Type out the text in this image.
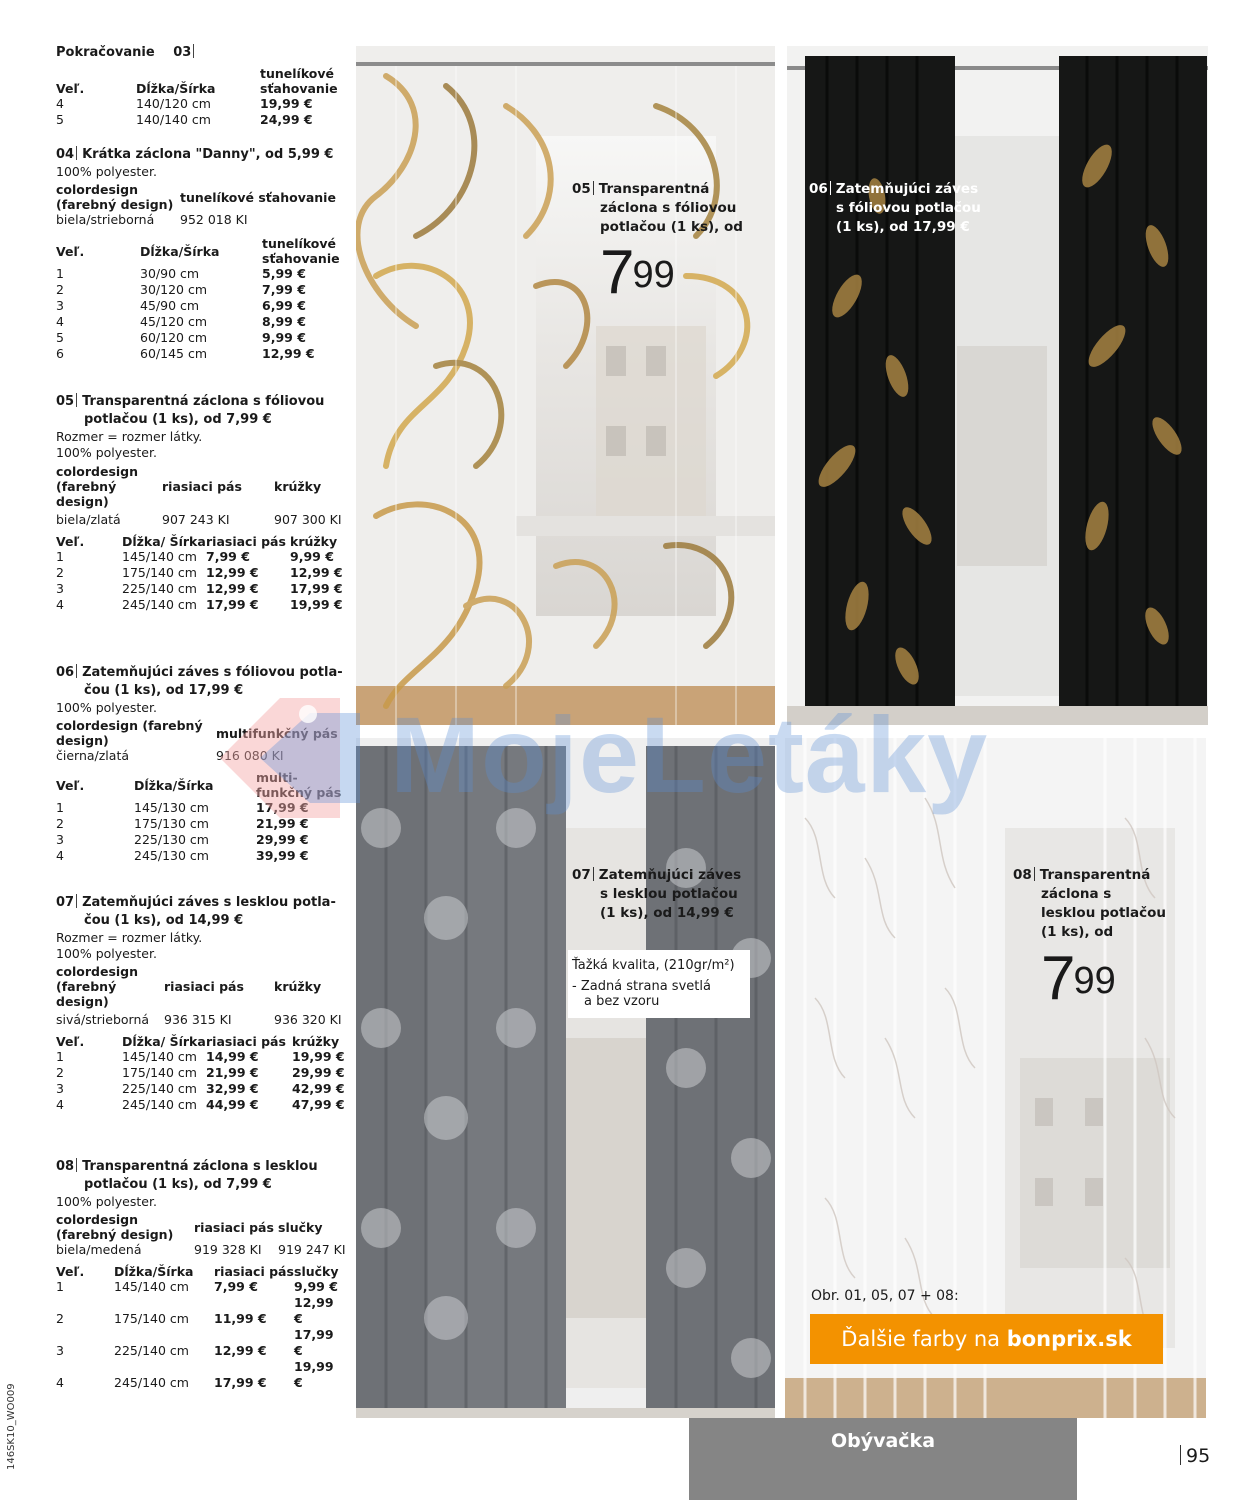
Pokračovanie 03
Veľ.	Dĺžka/Šírka	tunelíkové sťahovanie
4	140/120 cm	19,99 €
5	140/140 cm	24,99 €
04 Krátka záclona "Danny", od 5,99 €
100% polyester.
colordesign (farebný design)	tunelíkové sťahovanie
biela/strieborná	952 018 KI
Veľ.	Dĺžka/Šírka	tunelíkové sťahovanie
1	30/90 cm	5,99 €
2	30/120 cm	7,99 €
3	45/90 cm	6,99 €
4	45/120 cm	8,99 €
5	60/120 cm	9,99 €
6	60/145 cm	12,99 €
05 Transparentná záclona s fóliovou
potlačou (1 ks), od 7,99 €
Rozmer = rozmer látky.
100% polyester.
colordesign (farebný design)	riasiaci pás	krúžky
biela/zlatá	907 243 KI	907 300 KI
Veľ.	Dĺžka/ Šírka	riasiaci pás	krúžky
1	145/140 cm	7,99 €	9,99 €
2	175/140 cm	12,99 €	12,99 €
3	225/140 cm	12,99 €	17,99 €
4	245/140 cm	17,99 €	19,99 €
06 Zatemňujúci záves s fóliovou potla-
čou (1 ks), od 17,99 €
100% polyester.
colordesign (farebný design)	multifunkčný pás
čierna/zlatá	916 080 KI
Veľ.	Dĺžka/Šírka	multi- funkčný pás
1	145/130 cm	17,99 €
2	175/130 cm	21,99 €
3	225/130 cm	29,99 €
4	245/130 cm	39,99 €
07 Zatemňujúci záves s lesklou potla-
čou (1 ks), od 14,99 €
Rozmer = rozmer látky.
100% polyester.
colordesign (farebný design)	riasiaci pás	krúžky
sivá/strieborná	936 315 KI	936 320 KI
Veľ.	Dĺžka/ Šírka	riasiaci pás	krúžky
1	145/140 cm	14,99 €	19,99 €
2	175/140 cm	21,99 €	29,99 €
3	225/140 cm	32,99 €	42,99 €
4	245/140 cm	44,99 €	47,99 €
08 Transparentná záclona s lesklou
potlačou (1 ks), od 7,99 €
100% polyester.
colordesign (farebný design)	riasiaci pás	slučky
biela/medená	919 328 KI	919 247 KI
Veľ.	Dĺžka/Šírka	riasiaci pás	slučky
1	145/140 cm	7,99 €	9,99 €
2	175/140 cm	11,99 €	12,99 €
3	225/140 cm	12,99 €	17,99 €
4	245/140 cm	17,99 €	19,99 €
05 Transparentná
záclona s fóliovou
potlačou (1 ks), od
$7^{99}$
06 Zatemňujúci záves
s fóliovou potlačou
(1 ks), od 17,99 €
07 Zatemňujúci záves
s lesklou potlačou
(1 ks), od 14,99 €
Ťažká kvalita, (210gr/m²)
- Zadná strana svetlá
a bez vzoru
08 Transparentná
záclona s
lesklou potlačou
(1 ks), od
$7^{99}$
Obr. 01, 05, 07 + 08:
Ďalšie farby na bonprix.sk
MojeLetáky
Obývačka
95
146SK10_WO009
